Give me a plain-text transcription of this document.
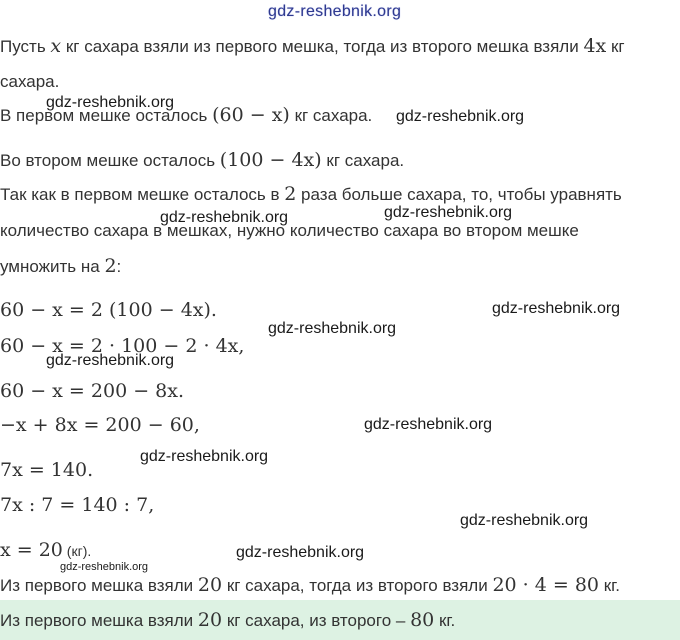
gdz-reshebnik.org
Пусть x кг сахара взяли из первого мешка, тогда из второго мешка взяли 4x кг
сахара.
gdz-reshebnik.org
В первом мешке осталось (60 − x) кг сахара. gdz-reshebnik.org
Во втором мешке осталось (100 − 4x) кг сахара.
Так как в первом мешке осталось в 2 раза больше сахара, то, чтобы уравнять
gdz-reshebnik.org
gdz-reshebnik.org
количество сахара в мешках, нужно количество сахара во втором мешке
умножить на 2:
60 − x = 2 (100 − 4x).	gdz-reshebnik.org
gdz-reshebnik.org
60 − x = 2 · 100 − 2 · 4x,
gdz-reshebnik.org
60 − x = 200 − 8x.
gdz-reshebnik.org
−x + 8x = 200 − 60,
gdz-reshebnik.org
7x = 140.
7x : 7 = 140 : 7,
gdz-reshebnik.org
x = 20 (кг).	gdz-reshebnik.org
gdz-reshebnik.org
Из первого мешка взяли 20 кг сахара, тогда из второго взяли 20 · 4 = 80 кг.
Из первого мешка взяли 20 кг сахара, из второго – 80 кг.
